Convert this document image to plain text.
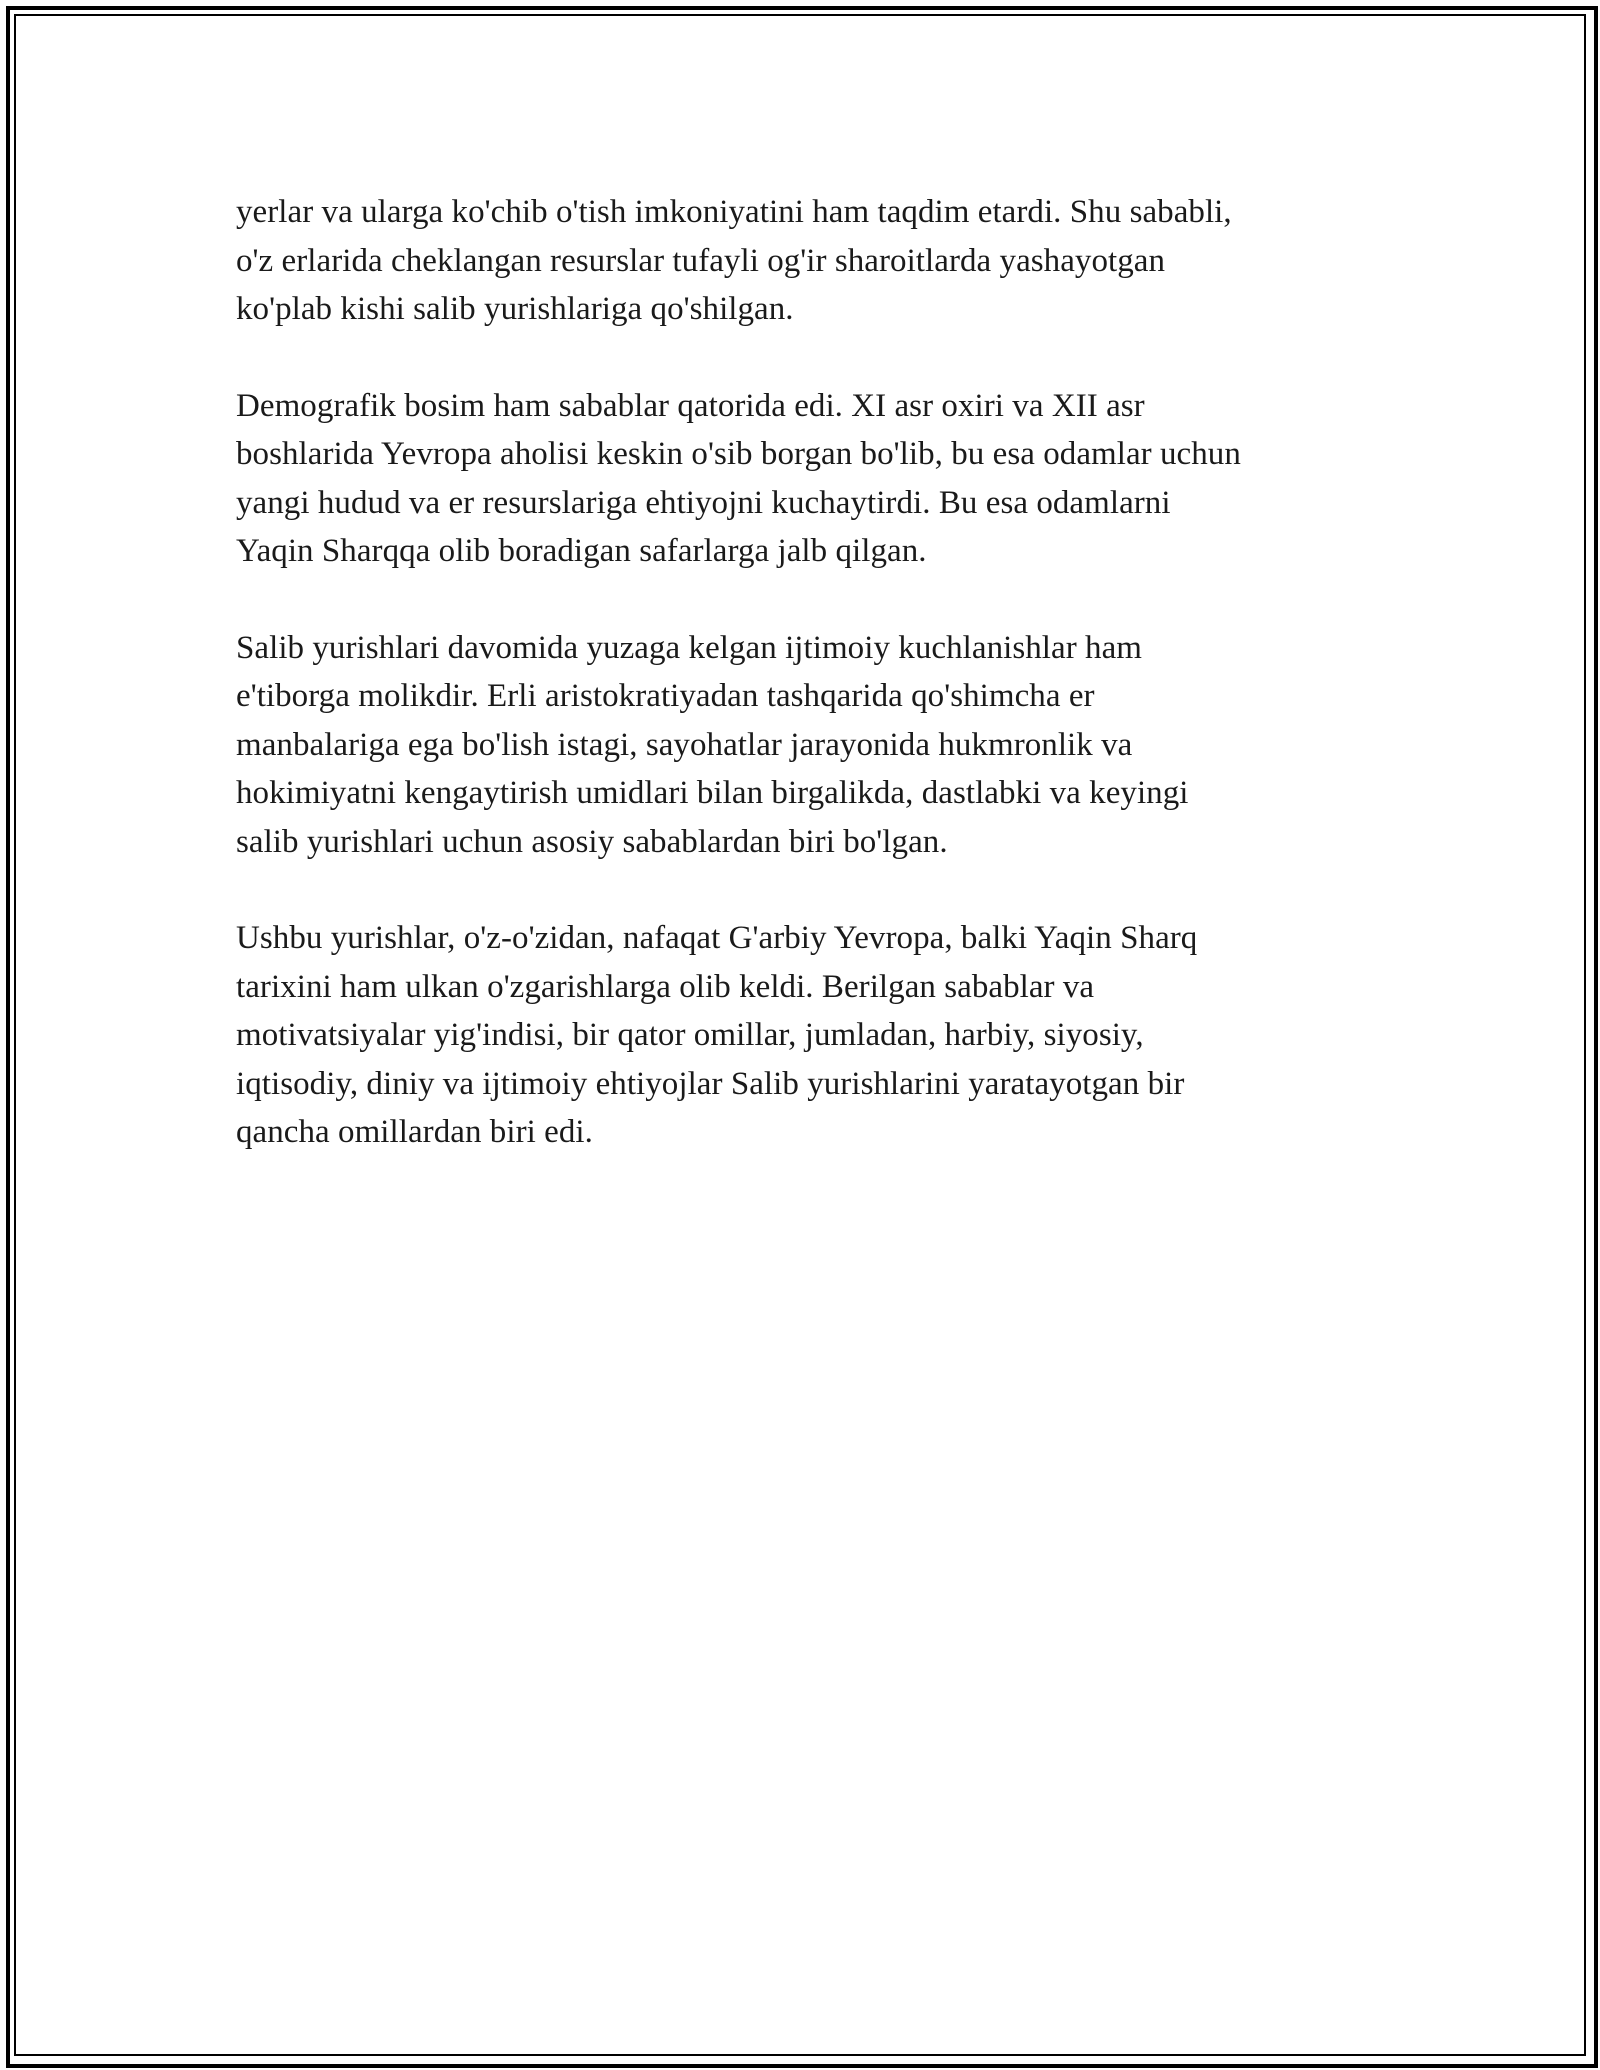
yerlar va ularga ko'chib o'tish imkoniyatini ham taqdim etardi. Shu sababli,
o'z erlarida cheklangan resurslar tufayli og'ir sharoitlarda yashayotgan
ko'plab kishi salib yurishlariga qo'shilgan.

Demografik bosim ham sabablar qatorida edi. XI asr oxiri va XII asr
boshlarida Yevropa aholisi keskin o'sib borgan bo'lib, bu esa odamlar uchun
yangi hudud va er resurslariga ehtiyojni kuchaytirdi. Bu esa odamlarni
Yaqin Sharqqa olib boradigan safarlarga jalb qilgan.

Salib yurishlari davomida yuzaga kelgan ijtimoiy kuchlanishlar ham
e'tiborga molikdir. Erli aristokratiyadan tashqarida qo'shimcha er
manbalariga ega bo'lish istagi, sayohatlar jarayonida hukmronlik va
hokimiyatni kengaytirish umidlari bilan birgalikda, dastlabki va keyingi
salib yurishlari uchun asosiy sabablardan biri bo'lgan.

Ushbu yurishlar, o'z-o'zidan, nafaqat G'arbiy Yevropa, balki Yaqin Sharq
tarixini ham ulkan o'zgarishlarga olib keldi. Berilgan sabablar va
motivatsiyalar yig'indisi, bir qator omillar, jumladan, harbiy, siyosiy,
iqtisodiy, diniy va ijtimoiy ehtiyojlar Salib yurishlarini yaratayotgan bir
qancha omillardan biri edi.
